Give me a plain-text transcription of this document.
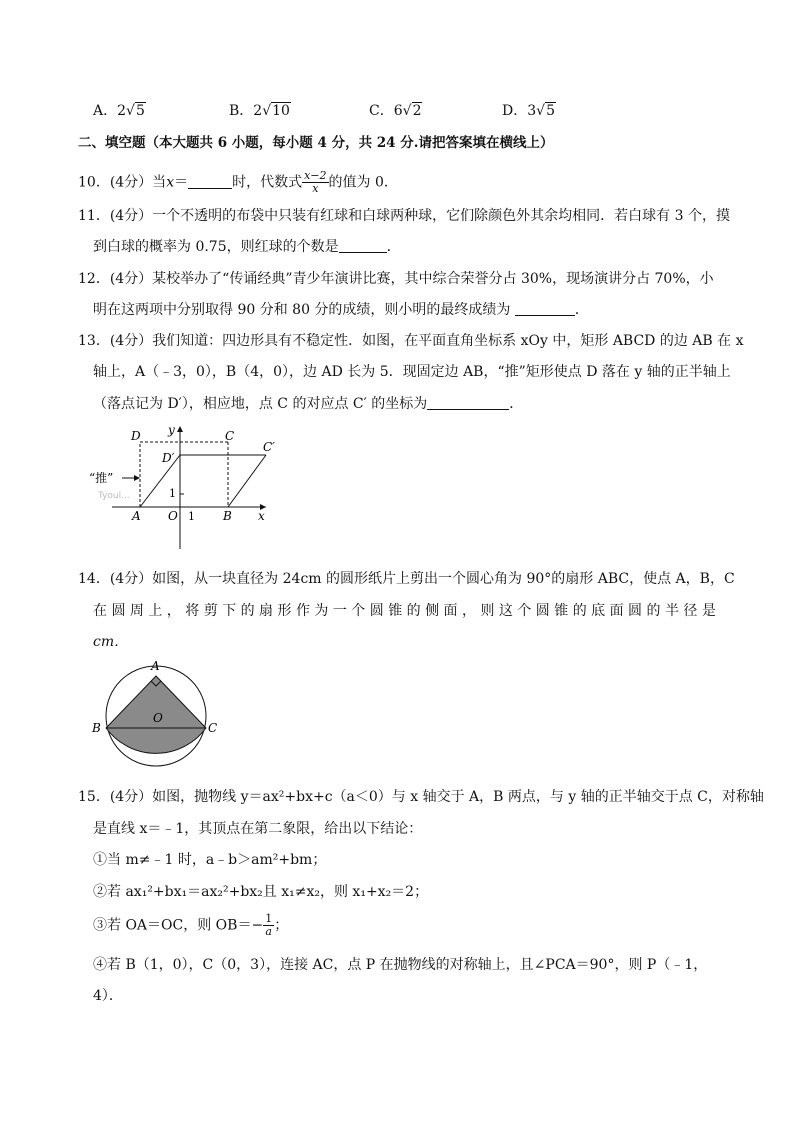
A．2√5	B．2√10	C．6√2	D．3√5
二、填空题（本大题共 6 小题，每小题 4 分，共 24 分.请把答案填在横线上）
10．(4分）当x＝	时，代数式 $\frac{x-2}{x}$ 的值为 0．
11．(4分）一个不透明的布袋中只装有红球和白球两种球，它们除颜色外其余均相同．若白球有 3 个，摸
到白球的概率为 0.75，则红球的个数是	．
12．(4分）某校举办了“传诵经典”青少年演讲比赛，其中综合荣誉分占 30%，现场演讲分占 70%，小
明在这两项中分别取得 90 分和 80 分的成绩，则小明的最终成绩为	．
13．(4分）我们知道：四边形具有不稳定性．如图，在平面直角坐标系 xOy 中，矩形 ABCD 的边 AB 在 x
轴上，A（﹣3，0），B（4，0），边 AD 长为 5．现固定边 AB，“推”矩形使点 D 落在 y 轴的正半轴上
（落点记为 D′），相应地，点 C 的对应点 C′ 的坐标为	．
D	C
C′
D′
y
x
1
“推”
A O 1 B
Tyoul...
14．(4分）如图，从一块直径为 24cm 的圆形纸片上剪出一个圆心角为 90°的扇形 ABC，使点 A，B，C
在 圆 周 上 ， 将 剪 下 的 扇 形 作 为 一 个 圆 锥 的 侧 面 ， 则 这 个 圆 锥 的 底 面 圆 的 半 径 是
cm．
A
B	C
O
15．(4分）如图，抛物线 y＝ax²+bx+c（a＜0）与 x 轴交于 A，B 两点，与 y 轴的正半轴交于点 C，对称轴
是直线 x＝﹣1，其顶点在第二象限，给出以下结论：
①当 m≠﹣1 时，a﹣b＞am²+bm；
②若 ax₁²+bx₁＝ax₂²+bx₂且 x₁≠x₂，则 x₁+x₂＝2；
③若 OA＝OC，则 $OB=- \frac{1}{a}$ ；
④若 B（1，0），C（0，3），连接 AC，点 P 在抛物线的对称轴上，且∠PCA＝90°，则 P（﹣1，
4）．
